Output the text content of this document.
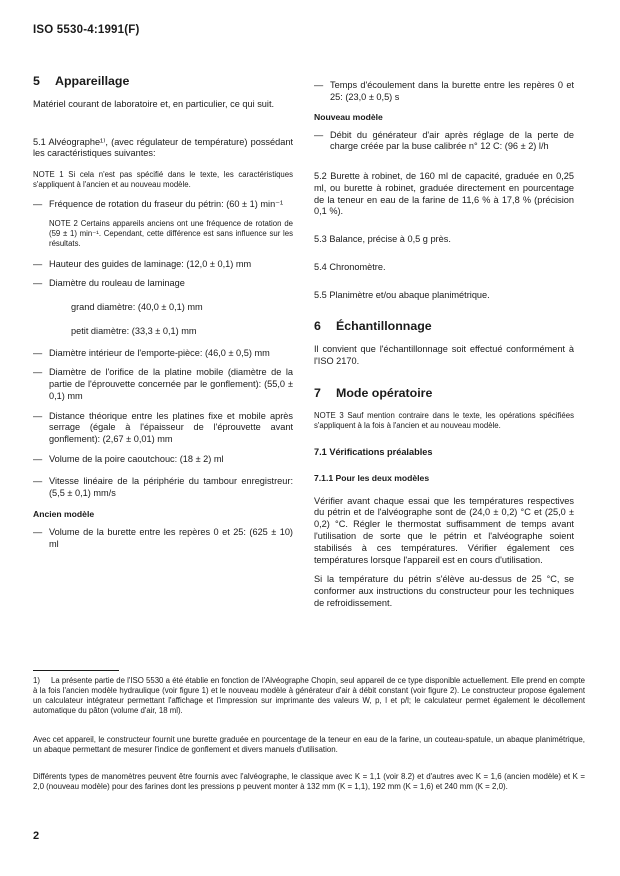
ISO 5530-4:1991(F)
5 Appareillage

Matériel courant de laboratoire et, en particulier, ce qui suit.

5.1 Alvéographe¹⁾, (avec régulateur de température) possédant les caractéristiques suivantes:

NOTE 1 Si cela n'est pas spécifié dans le texte, les caractéristiques s'appliquent à l'ancien et au nouveau modèle.
— Fréquence de rotation du fraseur du pétrin: (60 ± 1) min⁻¹
NOTE 2 Certains appareils anciens ont une fréquence de rotation de (59 ± 1) min⁻¹. Cependant, cette différence est sans influence sur les résultats.
— Hauteur des guides de laminage: (12,0 ± 0,1) mm
— Diamètre du rouleau de laminage
grand diamètre: (40,0 ± 0,1) mm
petit diamètre: (33,3 ± 0,1) mm
— Diamètre intérieur de l'emporte-pièce: (46,0 ± 0,5) mm
— Diamètre de l'orifice de la platine mobile (diamètre de la partie de l'éprouvette concernée par le gonflement): (55,0 ± 0,1) mm
— Distance théorique entre les platines fixe et mobile après serrage (égale à l'épaisseur de l'éprouvette avant gonflement): (2,67 ± 0,01) mm
— Volume de la poire caoutchouc: (18 ± 2) ml
— Vitesse linéaire de la périphérie du tambour enregistreur: (5,5 ± 0,1) mm/s
Ancien modèle
— Volume de la burette entre les repères 0 et 25: (625 ± 10) ml
— Temps d'écoulement dans la burette entre les repères 0 et 25: (23,0 ± 0,5) s
Nouveau modèle
— Débit du générateur d'air après réglage de la perte de charge créée par la buse calibrée n° 12 C: (96 ± 2) l/h

5.2 Burette à robinet, de 160 ml de capacité, graduée en 0,25 ml, ou burette à robinet, graduée directement en pourcentage de la teneur en eau de la farine de 11,6 % à 17,8 % (précision 0,1 %).

5.3 Balance, précise à 0,5 g près.

5.4 Chronomètre.

5.5 Planimètre et/ou abaque planimétrique.

6 Échantillonnage

Il convient que l'échantillonnage soit effectué conformément à l'ISO 2170.

7 Mode opératoire
NOTE 3 Sauf mention contraire dans le texte, les opérations spécifiées s'appliquent à la fois à l'ancien et au nouveau modèle.
7.1 Vérifications préalables
7.1.1 Pour les deux modèles

Vérifier avant chaque essai que les températures respectives du pétrin et de l'alvéographe sont de (24,0 ± 0,2) °C et (25,0 ± 0,2) °C. Régler le thermostat suffisamment de temps avant l'utilisation de sorte que le pétrin et l'alvéographe soient stabilisés à ces températures. Vérifier également ces températures lorsque l'appareil est en cours d'utilisation.

Si la température du pétrin s'élève au-dessus de 25 °C, se conformer aux instructions du constructeur pour les techniques de refroidissement.

1) La présente partie de l'ISO 5530 a été établie en fonction de l'Alvéographe Chopin, seul appareil de ce type disponible actuellement. Elle prend en compte à la fois l'ancien modèle hydraulique (voir figure 1) et le nouveau modèle à générateur d'air à débit constant (voir figure 2). Le constructeur propose également un calculateur intégrateur permettant l'affichage et l'impression sur imprimante des valeurs W, p, l et p/l; le calculateur permet également le décollement automatique du pâton (volume d'air, 18 ml).

Avec cet appareil, le constructeur fournit une burette graduée en pourcentage de la teneur en eau de la farine, un couteau-spatule, un abaque planimétrique, un abaque permettant de mesurer l'indice de gonflement et divers manuels d'utilisation.

Différents types de manomètres peuvent être fournis avec l'alvéographe, le classique avec K = 1,1 (voir 8.2) et d'autres avec K = 1,6 (ancien modèle) et K = 2,0 (nouveau modèle) pour des farines dont les pressions p peuvent monter à 132 mm (K = 1,1), 192 mm (K = 1,6) et 240 mm (K = 2,0).

2
